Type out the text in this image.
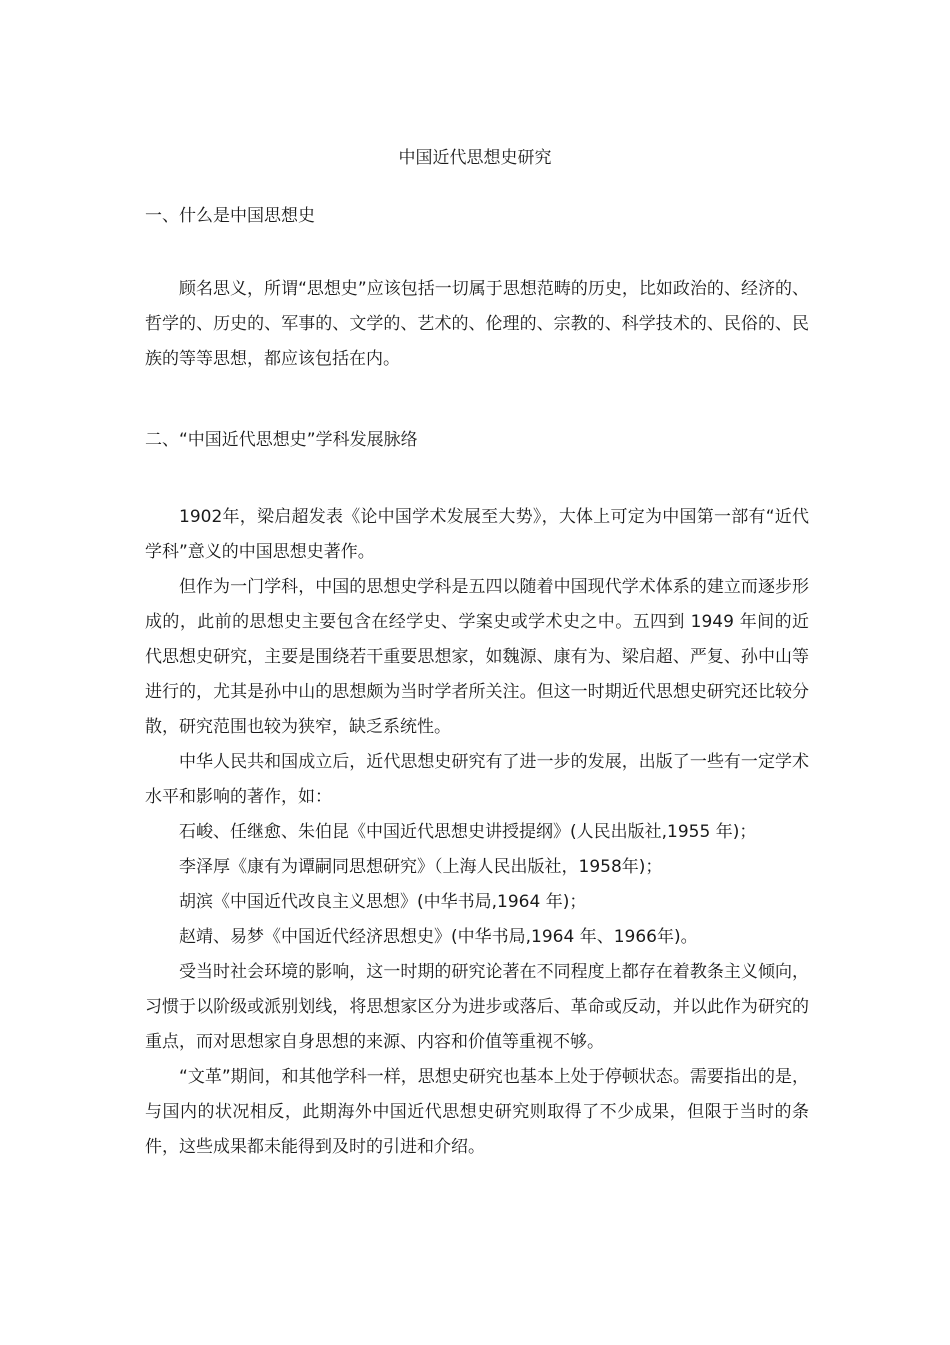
中国近代思想史研究
一、什么是中国思想史
顾名思义，所谓“思想史”应该包括一切属于思想范畴的历史，比如政治的、经济的、哲学的、历史的、军事的、文学的、艺术的、伦理的、宗教的、科学技术的、民俗的、民族的等等思想，都应该包括在内。
二、“中国近代思想史”学科发展脉络
1902年，梁启超发表《论中国学术发展至大势》，大体上可定为中国第一部有“近代学科”意义的中国思想史著作。
但作为一门学科，中国的思想史学科是五四以随着中国现代学术体系的建立而逐步形成的，此前的思想史主要包含在经学史、学案史或学术史之中。五四到 1949 年间的近代思想史研究，主要是围绕若干重要思想家，如魏源、康有为、梁启超、严复、孙中山等进行的，尤其是孙中山的思想颇为当时学者所关注。但这一时期近代思想史研究还比较分散，研究范围也较为狭窄，缺乏系统性。
中华人民共和国成立后，近代思想史研究有了进一步的发展，出版了一些有一定学术水平和影响的著作，如：
石峻、任继愈、朱伯昆《中国近代思想史讲授提纲》(人民出版社,1955 年)；
李泽厚《康有为谭嗣同思想研究》（上海人民出版社，1958年)；
胡滨《中国近代改良主义思想》(中华书局,1964 年)；
赵靖、易梦《中国近代经济思想史》(中华书局,1964 年、1966年)。
受当时社会环境的影响，这一时期的研究论著在不同程度上都存在着教条主义倾向，习惯于以阶级或派别划线，将思想家区分为进步或落后、革命或反动，并以此作为研究的重点，而对思想家自身思想的来源、内容和价值等重视不够。
“文革”期间，和其他学科一样，思想史研究也基本上处于停顿状态。需要指出的是，与国内的状况相反，此期海外中国近代思想史研究则取得了不少成果，但限于当时的条件，这些成果都未能得到及时的引进和介绍。
